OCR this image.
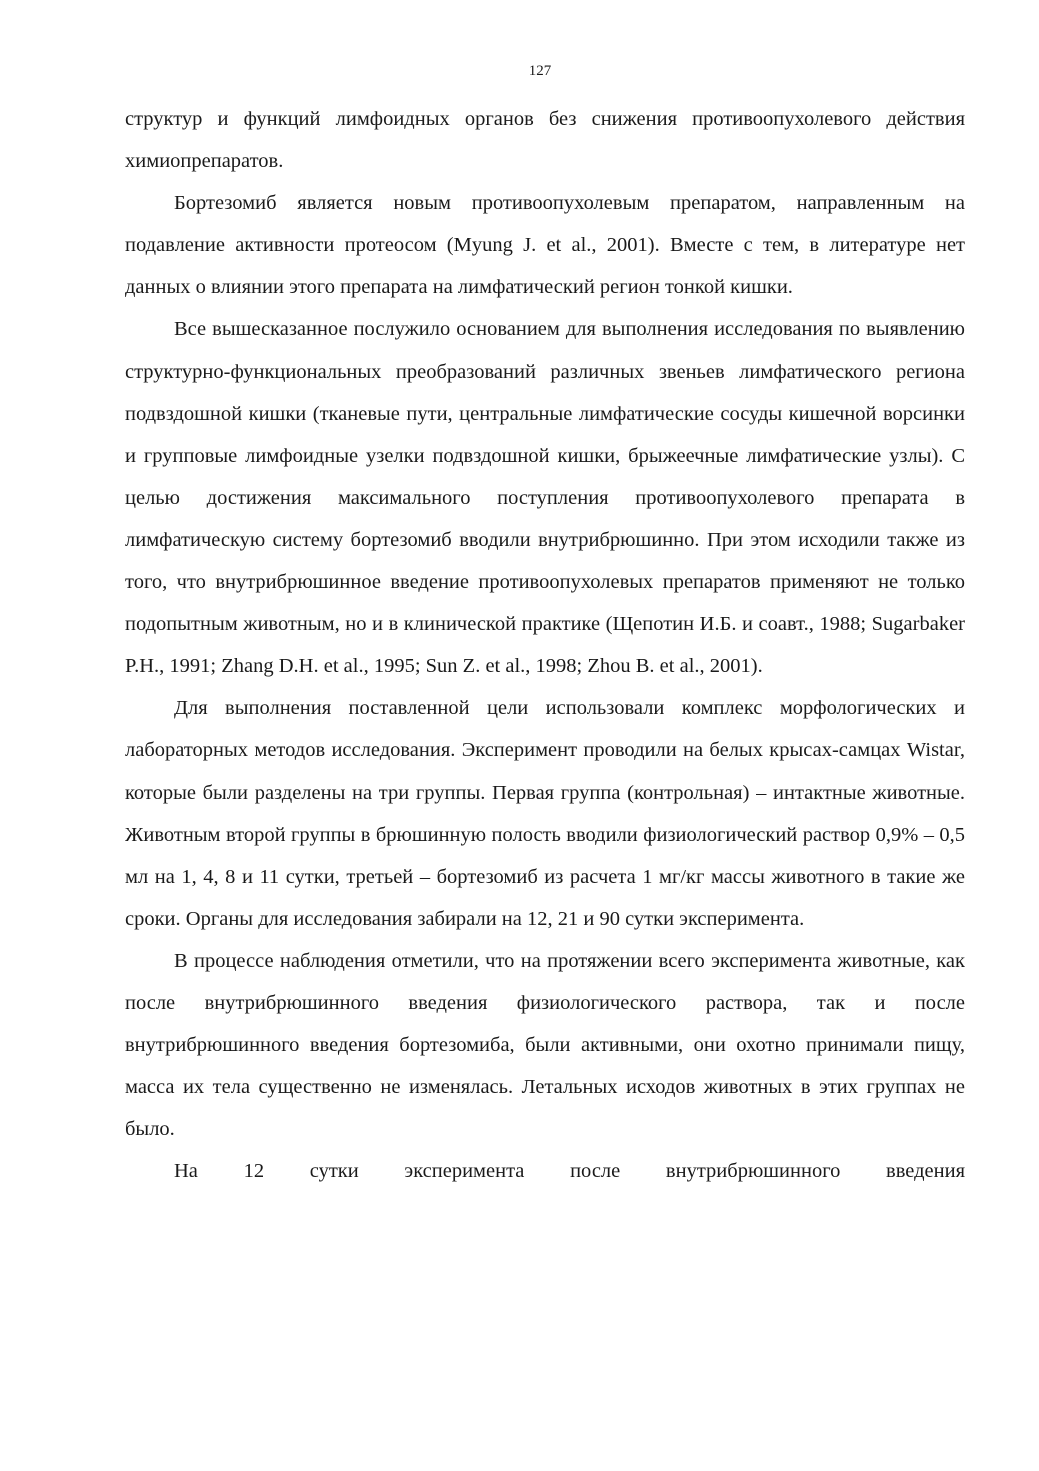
127

структур и функций лимфоидных органов без снижения противоопухолевого действия химиопрепаратов.

Бортезомиб является новым противоопухолевым препаратом, направленным на подавление активности протеосом (Myung J. et al., 2001). Вместе с тем, в литературе нет данных о влиянии этого препарата на лимфатический регион тонкой кишки.

Все вышесказанное послужило основанием для выполнения исследования по выявлению структурно-функциональных преобразований различных звеньев лимфатического региона подвздошной кишки (тканевые пути, центральные лимфатические сосуды кишечной ворсинки и групповые лимфоидные узелки подвздошной кишки, брыжеечные лимфатические узлы). С целью достижения максимального поступления противоопухолевого препарата в лимфатическую систему бортезомиб вводили внутрибрюшинно. При этом исходили также из того, что внутрибрюшинное введение противоопухолевых препаратов применяют не только подопытным животным, но и в клинической практике (Щепотин И.Б. и соавт., 1988; Sugarbaker P.H., 1991; Zhang D.H. et al., 1995; Sun Z. et al., 1998; Zhou B. et al., 2001).

Для выполнения поставленной цели использовали комплекс морфологических и лабораторных методов исследования. Эксперимент проводили на белых крысах-самцах Wistar, которые были разделены на три группы. Первая группа (контрольная) – интактные животные. Животным второй группы в брюшинную полость вводили физиологический раствор 0,9% – 0,5 мл на 1, 4, 8 и 11 сутки, третьей – бортезомиб из расчета 1 мг/кг массы животного в такие же сроки. Органы для исследования забирали на 12, 21 и 90 сутки эксперимента.

В процессе наблюдения отметили, что на протяжении всего эксперимента животные, как после внутрибрюшинного введения физиологического раствора, так и после внутрибрюшинного введения бортезомиба, были активными, они охотно принимали пищу, масса их тела существенно не изменялась. Летальных исходов животных в этих группах не было.

На 12 сутки эксперимента после внутрибрюшинного введения
